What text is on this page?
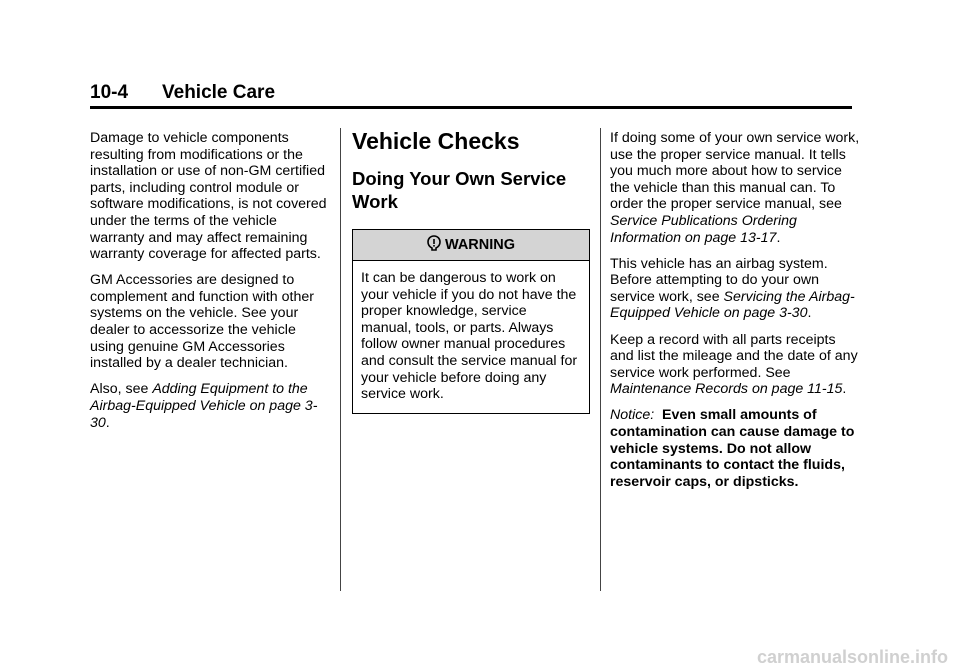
10-4 Vehicle Care

Damage to vehicle components resulting from modifications or the installation or use of non-GM certified parts, including control module or software modifications, is not covered under the terms of the vehicle warranty and may affect remaining warranty coverage for affected parts.

GM Accessories are designed to complement and function with other systems on the vehicle. See your dealer to accessorize the vehicle using genuine GM Accessories installed by a dealer technician.

Also, see Adding Equipment to the Airbag-Equipped Vehicle on page 3-30.

Vehicle Checks
Doing Your Own Service Work
WARNING
It can be dangerous to work on your vehicle if you do not have the proper knowledge, service manual, tools, or parts. Always follow owner manual procedures and consult the service manual for your vehicle before doing any service work.

If doing some of your own service work, use the proper service manual. It tells you much more about how to service the vehicle than this manual can. To order the proper service manual, see Service Publications Ordering Information on page 13-17.

This vehicle has an airbag system. Before attempting to do your own service work, see Servicing the Airbag-Equipped Vehicle on page 3-30.

Keep a record with all parts receipts and list the mileage and the date of any service work performed. See Maintenance Records on page 11-15.

Notice: Even small amounts of contamination can cause damage to vehicle systems. Do not allow contaminants to contact the fluids, reservoir caps, or dipsticks.

carmanualsonline.info
